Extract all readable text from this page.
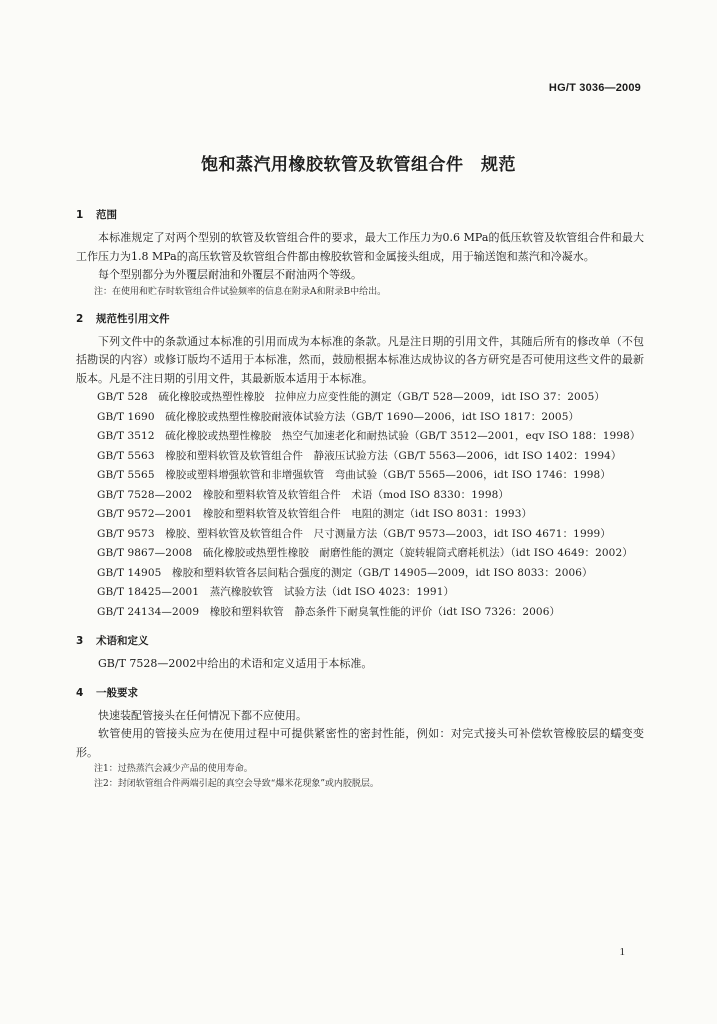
HG/T 3036—2009
饱和蒸汽用橡胶软管及软管组合件　规范
1 范围
本标准规定了对两个型别的软管及软管组合件的要求，最大工作压力为0.6 MPa的低压软管及软管组合件和最大工作压力为1.8 MPa的高压软管及软管组合件都由橡胶软管和金属接头组成，用于输送饱和蒸汽和冷凝水。
每个型别都分为外覆层耐油和外覆层不耐油两个等级。
注：在使用和贮存时软管组合件试验频率的信息在附录A和附录B中给出。
2 规范性引用文件
下列文件中的条款通过本标准的引用而成为本标准的条款。凡是注日期的引用文件，其随后所有的修改单（不包括勘误的内容）或修订版均不适用于本标准，然而，鼓励根据本标准达成协议的各方研究是否可使用这些文件的最新版本。凡是不注日期的引用文件，其最新版本适用于本标准。
GB/T 528　硫化橡胶或热塑性橡胶　拉伸应力应变性能的测定（GB/T 528—2009，idt ISO 37：2005）
GB/T 1690　硫化橡胶或热塑性橡胶耐液体试验方法（GB/T 1690—2006，idt ISO 1817：2005）
GB/T 3512　硫化橡胶或热塑性橡胶　热空气加速老化和耐热试验（GB/T 3512—2001，eqv ISO 188：1998）
GB/T 5563　橡胶和塑料软管及软管组合件　静液压试验方法（GB/T 5563—2006，idt ISO 1402：1994）
GB/T 5565　橡胶或塑料增强软管和非增强软管　弯曲试验（GB/T 5565—2006，idt ISO 1746：1998）
GB/T 7528—2002　橡胶和塑料软管及软管组合件　术语（mod ISO 8330：1998）
GB/T 9572—2001　橡胶和塑料软管及软管组合件　电阻的测定（idt ISO 8031：1993）
GB/T 9573　橡胶、塑料软管及软管组合件　尺寸测量方法（GB/T 9573—2003，idt ISO 4671：1999）
GB/T 9867—2008　硫化橡胶或热塑性橡胶　耐磨性能的测定（旋转辊筒式磨耗机法）（idt ISO 4649：2002）
GB/T 14905　橡胶和塑料软管各层间粘合强度的测定（GB/T 14905—2009，idt ISO 8033：2006）
GB/T 18425—2001　蒸汽橡胶软管　试验方法（idt ISO 4023：1991）
GB/T 24134—2009　橡胶和塑料软管　静态条件下耐臭氧性能的评价（idt ISO 7326：2006）
3 术语和定义
GB/T 7528—2002中给出的术语和定义适用于本标准。
4 一般要求
快速装配管接头在任何情况下都不应使用。
软管使用的管接头应为在使用过程中可提供紧密性的密封性能，例如：对完式接头可补偿软管橡胶层的蠕变变形。
注1：过热蒸汽会减少产品的使用寿命。
注2：封闭软管组合件两端引起的真空会导致“爆米花现象”或内胶脱层。
1
